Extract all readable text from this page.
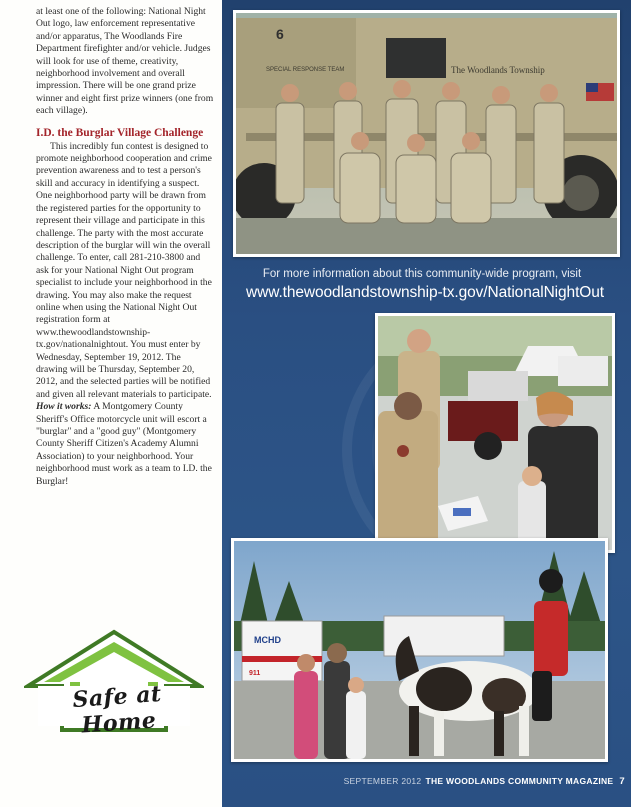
at least one of the following: National Night Out logo, law enforcement representative and/or apparatus, The Woodlands Fire Department firefighter and/or vehicle. Judges will look for use of theme, creativity, neighborhood involvement and overall impression. There will be one grand prize winner and eight first prize winners (one from each village).

I.D. the Burglar Village Challenge

This incredibly fun contest is designed to promote neighborhood cooperation and crime prevention awareness and to test a person's skill and accuracy in identifying a suspect. One neighborhood party will be drawn from the registered parties for the opportunity to represent their village and participate in this challenge. The party with the most accurate description of the burglar will win the overall challenge. To enter, call 281-210-3800 and ask for your National Night Out program specialist to include your neighborhood in the drawing. You may also make the request online when using the National Night Out registration form at www.thewoodlandstownship-tx.gov/nationalnightout. You must enter by Wednesday, September 19, 2012. The drawing will be Thursday, September 20, 2012, and the selected parties will be notified and given all relevant materials to participate. How it works: A Montgomery County Sheriff's Office motorcycle unit will escort a "burglar" and a "good guy" (Montgomery County Sheriff Citizen's Academy Alumni Association) to your neighborhood. Your neighborhood must work as a team to I.D. the Burglar!

Safe at Home
6
SPECIAL RESPONSE TEAM	The Woodlands Township
For more information about this community-wide program, visit
www.thewoodlandstownship-tx.gov/NationalNightOut
MCHD
911
SEPTEMBER 2012 THE WOODLANDS COMMUNITY MAGAZINE 7
